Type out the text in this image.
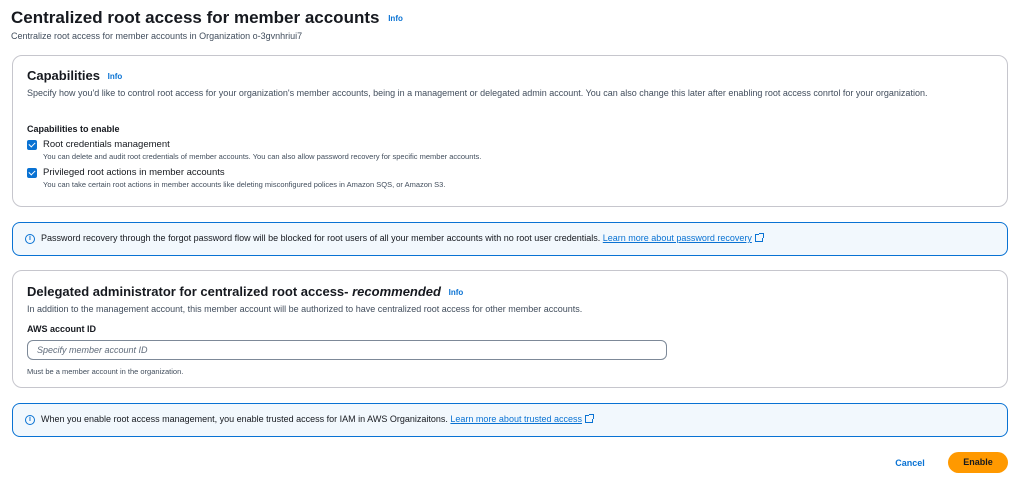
Centralized root access for member accounts Info
Centralize root access for member accounts in Organization o-3gvnhriui7
Capabilities Info
Specify how you'd like to control root access for your organization's member accounts, being in a management or delegated admin account. You can also change this later after enabling root access conrtol for your organization.
Capabilities to enable
Root credentials management
You can delete and audit root credentials of member accounts. You can also allow password recovery for specific member accounts.
Privileged root actions in member accounts
You can take certain root actions in member accounts like deleting misconfigured polices in Amazon SQS, or Amazon S3.
i	Password recovery through the forgot password flow will be blocked for root users of all your member accounts with no root user credentials. Learn more about password recovery
Delegated administrator for centralized root access- recommended Info
In addition to the management account, this member account will be authorized to have centralized root access for other member accounts.
AWS account ID
Specify member account ID
Must be a member account in the organization.
i	When you enable root access management, you enable trusted access for IAM in AWS Organizaitons. Learn more about trusted access
Cancel	Enable
